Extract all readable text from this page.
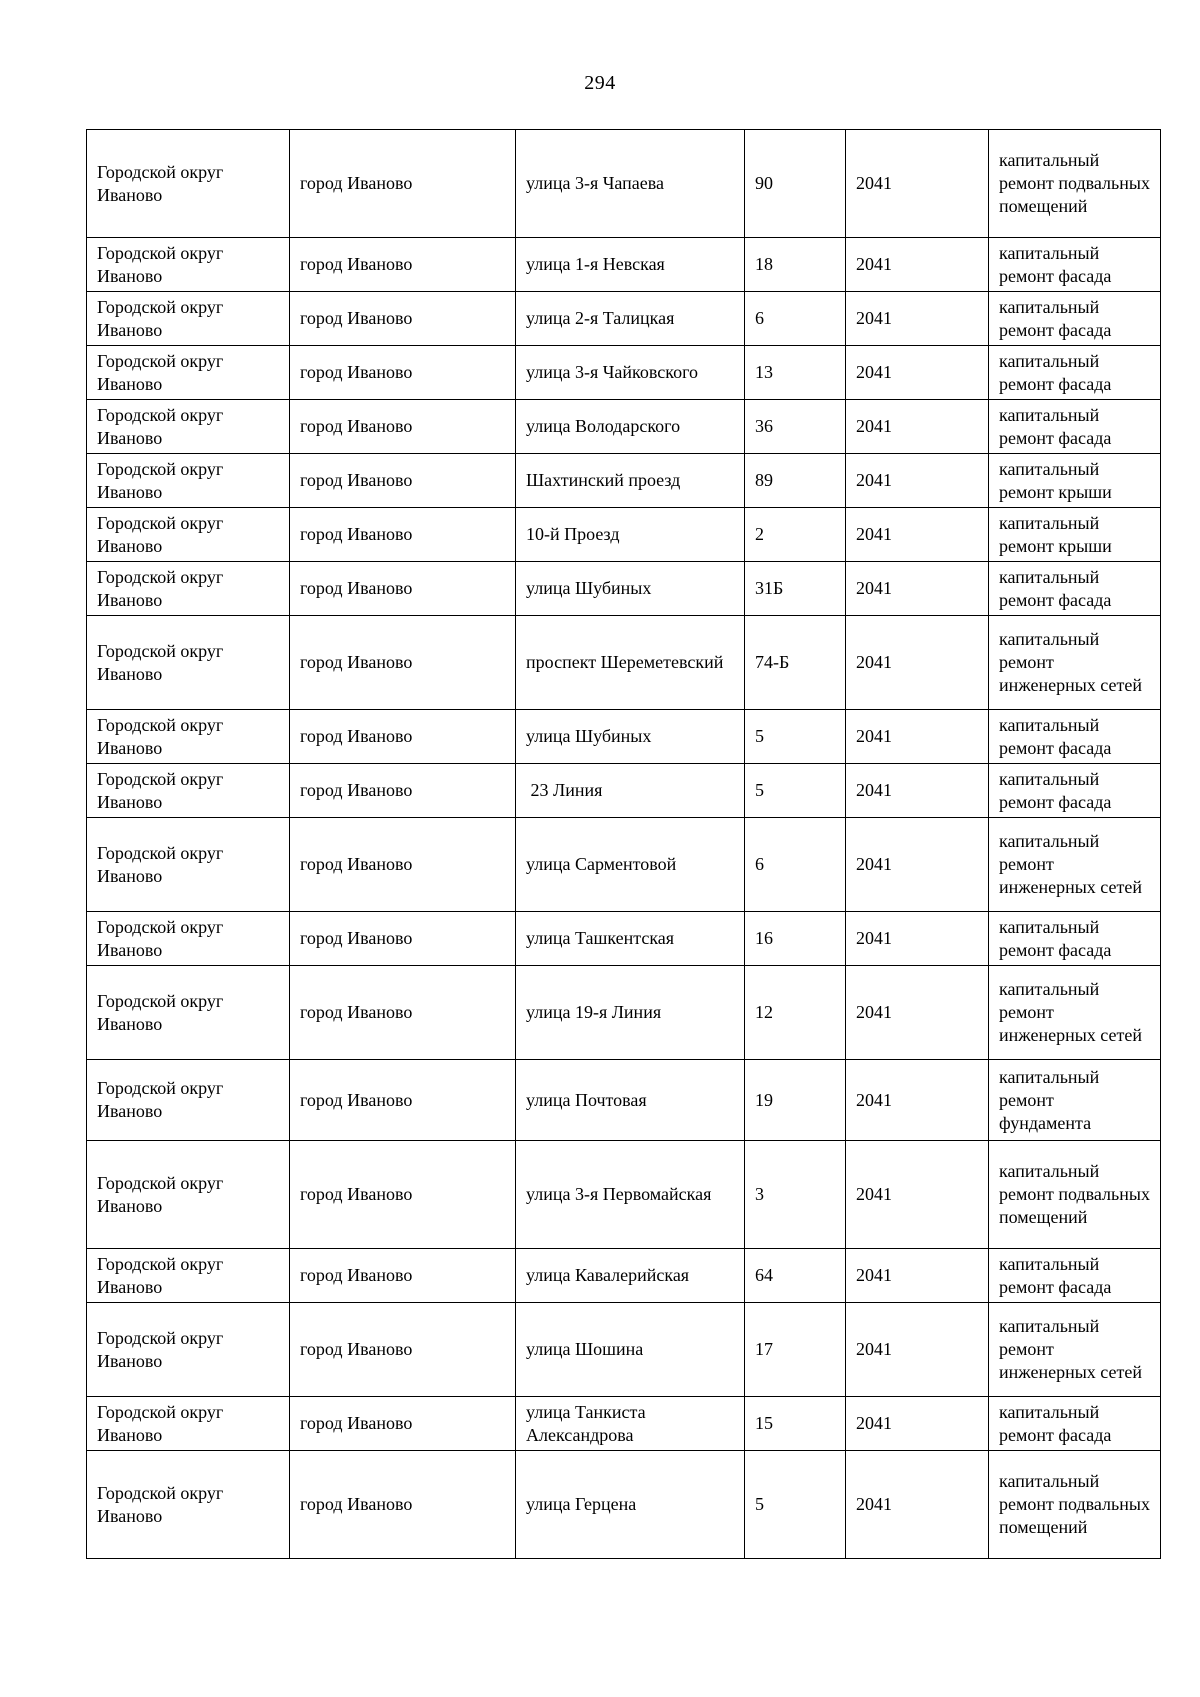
294
Городской округ Иваново	город Иваново	улица 3-я Чапаева	90	2041	капитальный ремонт подвальных помещений
Городской округ Иваново	город Иваново	улица 1-я Невская	18	2041	капитальный ремонт фасада
Городской округ Иваново	город Иваново	улица 2-я Талицкая	6	2041	капитальный ремонт фасада
Городской округ Иваново	город Иваново	улица 3-я Чайковского	13	2041	капитальный ремонт фасада
Городской округ Иваново	город Иваново	улица Володарского	36	2041	капитальный ремонт фасада
Городской округ Иваново	город Иваново	Шахтинский проезд	89	2041	капитальный ремонт крыши
Городской округ Иваново	город Иваново	10-й Проезд	2	2041	капитальный ремонт крыши
Городской округ Иваново	город Иваново	улица Шубиных	31Б	2041	капитальный ремонт фасада
Городской округ Иваново	город Иваново	проспект Шереметевский	74-Б	2041	капитальный ремонт инженерных сетей
Городской округ Иваново	город Иваново	улица Шубиных	5	2041	капитальный ремонт фасада
Городской округ Иваново	город Иваново	23 Линия	5	2041	капитальный ремонт фасада
Городской округ Иваново	город Иваново	улица Сарментовой	6	2041	капитальный ремонт инженерных сетей
Городской округ Иваново	город Иваново	улица Ташкентская	16	2041	капитальный ремонт фасада
Городской округ Иваново	город Иваново	улица 19-я Линия	12	2041	капитальный ремонт инженерных сетей
Городской округ Иваново	город Иваново	улица Почтовая	19	2041	капитальный ремонт фундамента
Городской округ Иваново	город Иваново	улица 3-я Первомайская	3	2041	капитальный ремонт подвальных помещений
Городской округ Иваново	город Иваново	улица Кавалерийская	64	2041	капитальный ремонт фасада
Городской округ Иваново	город Иваново	улица Шошина	17	2041	капитальный ремонт инженерных сетей
Городской округ Иваново	город Иваново	улица Танкиста Александрова	15	2041	капитальный ремонт фасада
Городской округ Иваново	город Иваново	улица Герцена	5	2041	капитальный ремонт подвальных помещений
